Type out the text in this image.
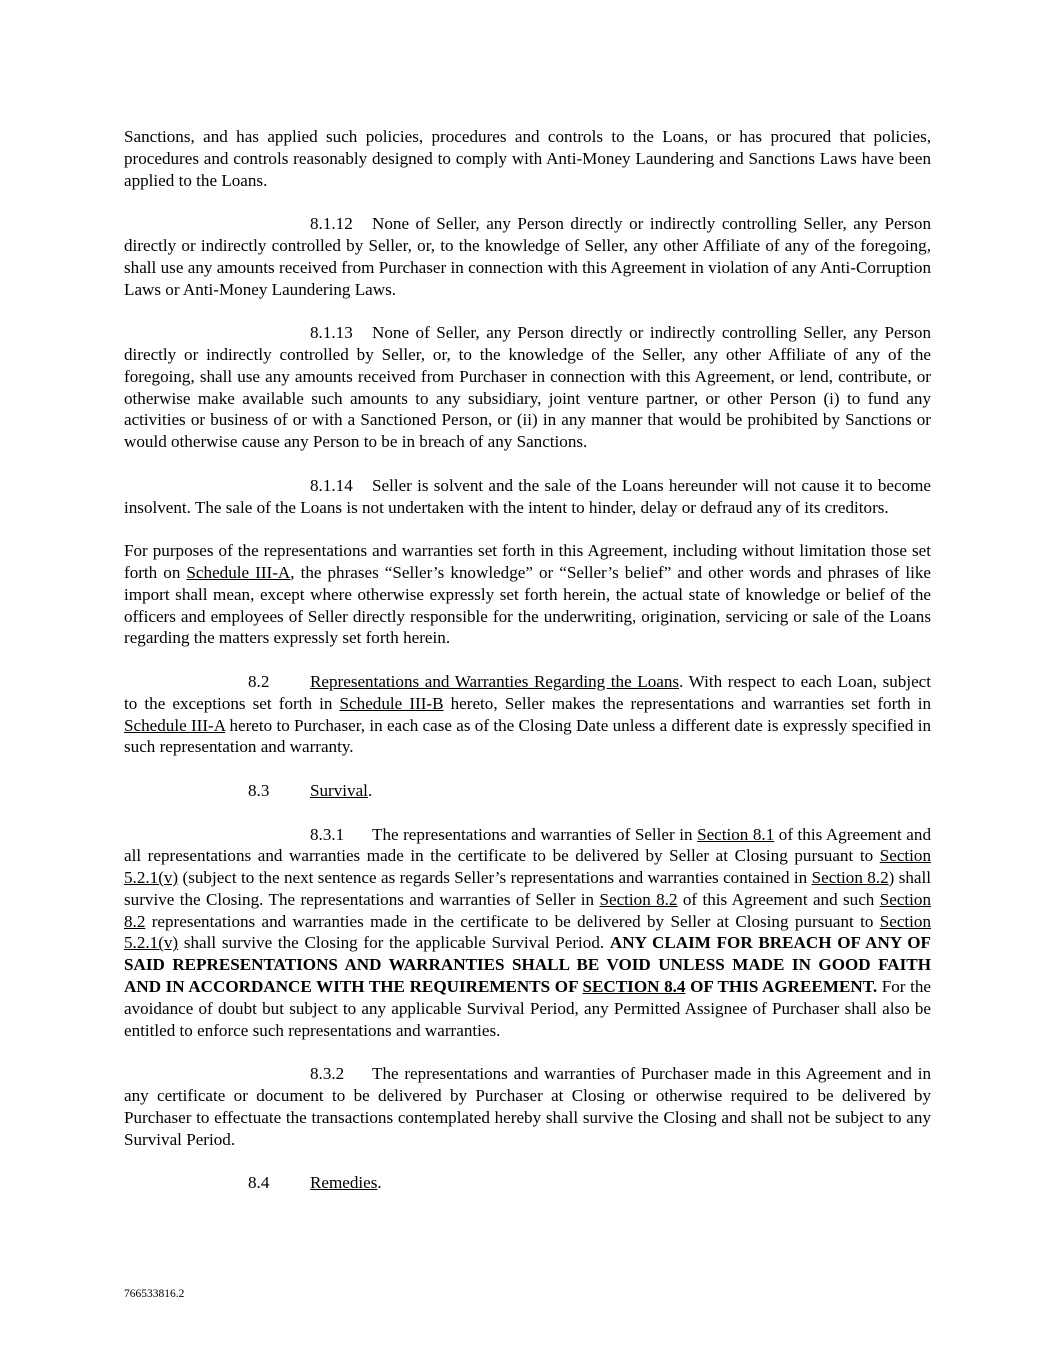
Sanctions, and has applied such policies, procedures and controls to the Loans, or has procured that policies, procedures and controls reasonably designed to comply with Anti-Money Laundering and Sanctions Laws have been applied to the Loans.

8.1.12 None of Seller, any Person directly or indirectly controlling Seller, any Person directly or indirectly controlled by Seller, or, to the knowledge of Seller, any other Affiliate of any of the foregoing, shall use any amounts received from Purchaser in connection with this Agreement in violation of any Anti-Corruption Laws or Anti-Money Laundering Laws.

8.1.13 None of Seller, any Person directly or indirectly controlling Seller, any Person directly or indirectly controlled by Seller, or, to the knowledge of the Seller, any other Affiliate of any of the foregoing, shall use any amounts received from Purchaser in connection with this Agreement, or lend, contribute, or otherwise make available such amounts to any subsidiary, joint venture partner, or other Person (i) to fund any activities or business of or with a Sanctioned Person, or (ii) in any manner that would be prohibited by Sanctions or would otherwise cause any Person to be in breach of any Sanctions.

8.1.14 Seller is solvent and the sale of the Loans hereunder will not cause it to become insolvent. The sale of the Loans is not undertaken with the intent to hinder, delay or defraud any of its creditors.

For purposes of the representations and warranties set forth in this Agreement, including without limitation those set forth on Schedule III-A, the phrases “Seller’s knowledge” or “Seller’s belief” and other words and phrases of like import shall mean, except where otherwise expressly set forth herein, the actual state of knowledge or belief of the officers and employees of Seller directly responsible for the underwriting, origination, servicing or sale of the Loans regarding the matters expressly set forth herein.

8.2 Representations and Warranties Regarding the Loans. With respect to each Loan, subject to the exceptions set forth in Schedule III-B hereto, Seller makes the representations and warranties set forth in Schedule III-A hereto to Purchaser, in each case as of the Closing Date unless a different date is expressly specified in such representation and warranty.

8.3 Survival.

8.3.1 The representations and warranties of Seller in Section 8.1 of this Agreement and all representations and warranties made in the certificate to be delivered by Seller at Closing pursuant to Section 5.2.1(v) (subject to the next sentence as regards Seller’s representations and warranties contained in Section 8.2) shall survive the Closing. The representations and warranties of Seller in Section 8.2 of this Agreement and such Section 8.2 representations and warranties made in the certificate to be delivered by Seller at Closing pursuant to Section 5.2.1(v) shall survive the Closing for the applicable Survival Period. ANY CLAIM FOR BREACH OF ANY OF SAID REPRESENTATIONS AND WARRANTIES SHALL BE VOID UNLESS MADE IN GOOD FAITH AND IN ACCORDANCE WITH THE REQUIREMENTS OF SECTION 8.4 OF THIS AGREEMENT. For the avoidance of doubt but subject to any applicable Survival Period, any Permitted Assignee of Purchaser shall also be entitled to enforce such representations and warranties.

8.3.2 The representations and warranties of Purchaser made in this Agreement and in any certificate or document to be delivered by Purchaser at Closing or otherwise required to be delivered by Purchaser to effectuate the transactions contemplated hereby shall survive the Closing and shall not be subject to any Survival Period.

8.4 Remedies.

766533816.2
